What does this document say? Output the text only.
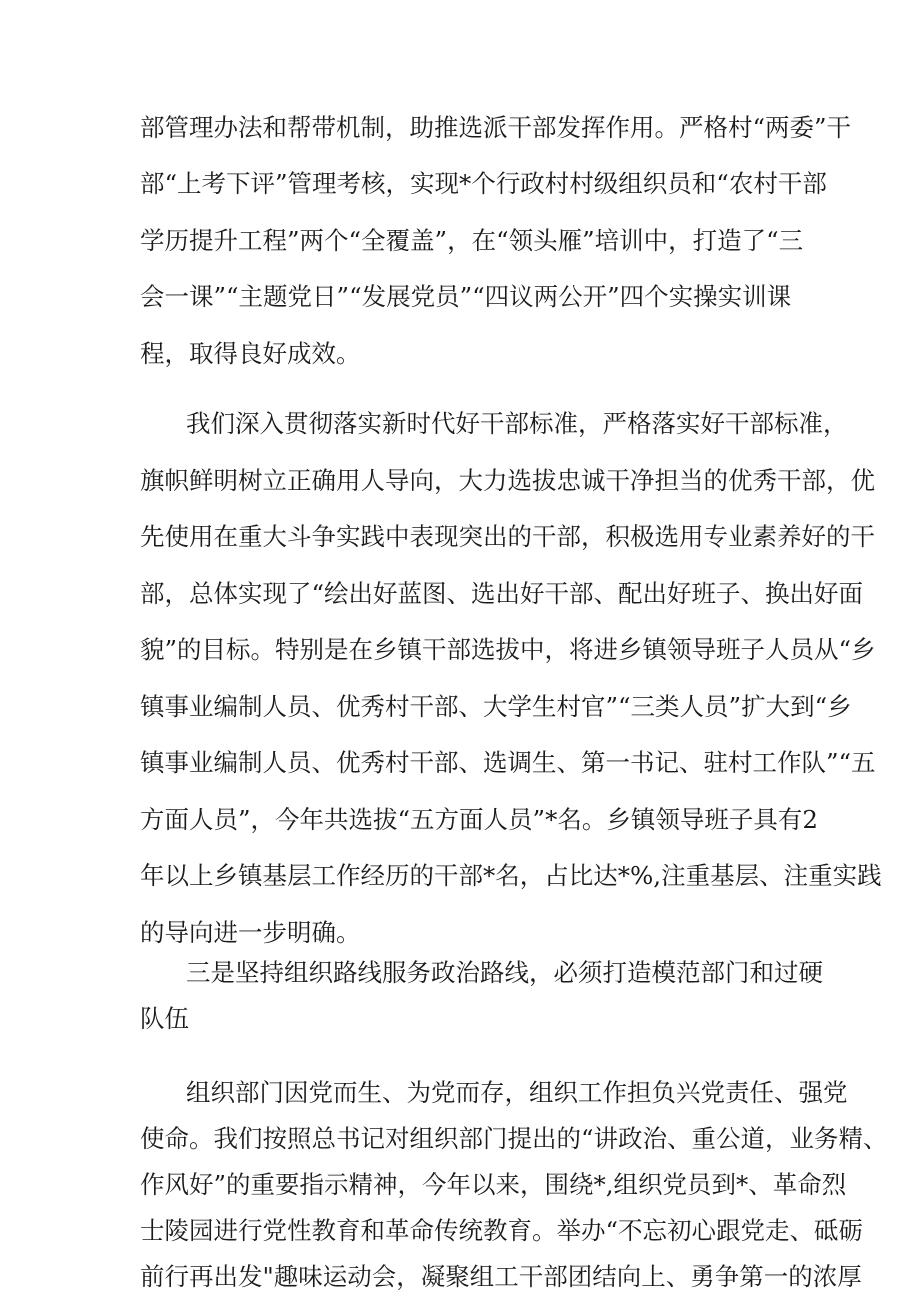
部管理办法和帮带机制，助推选派干部发挥作用。严格村“两委”干
部“上考下评”管理考核，实现*个行政村村级组织员和“农村干部
学历提升工程”两个“全覆盖”，在“领头雁”培训中，打造了“三
会一课”“主题党日”“发展党员”“四议两公开”四个实操实训课
程，取得良好成效。
我们深入贯彻落实新时代好干部标准，严格落实好干部标准，
旗帜鲜明树立正确用人导向，大力选拔忠诚干净担当的优秀干部，优
先使用在重大斗争实践中表现突出的干部，积极选用专业素养好的干
部，总体实现了“绘出好蓝图、选出好干部、配出好班子、换出好面
貌”的目标。特别是在乡镇干部选拔中，将进乡镇领导班子人员从“乡
镇事业编制人员、优秀村干部、大学生村官”“三类人员”扩大到“乡
镇事业编制人员、优秀村干部、选调生、第一书记、驻村工作队”“五
方面人员”，今年共选拔“五方面人员”*名。乡镇领导班子具有2
年以上乡镇基层工作经历的干部*名，占比达*%,注重基层、注重实践
的导向进一步明确。
三是坚持组织路线服务政治路线，必须打造模范部门和过硬
队伍
组织部门因党而生、为党而存，组织工作担负兴党责任、强党
使命。我们按照总书记对组织部门提出的“讲政治、重公道，业务精、
作风好”的重要指示精神，今年以来，围绕*,组织党员到*、革命烈
士陵园进行党性教育和革命传统教育。举办“不忘初心跟党走、砥砺
前行再出发"趣味运动会，凝聚组工干部团结向上、勇争第一的浓厚
